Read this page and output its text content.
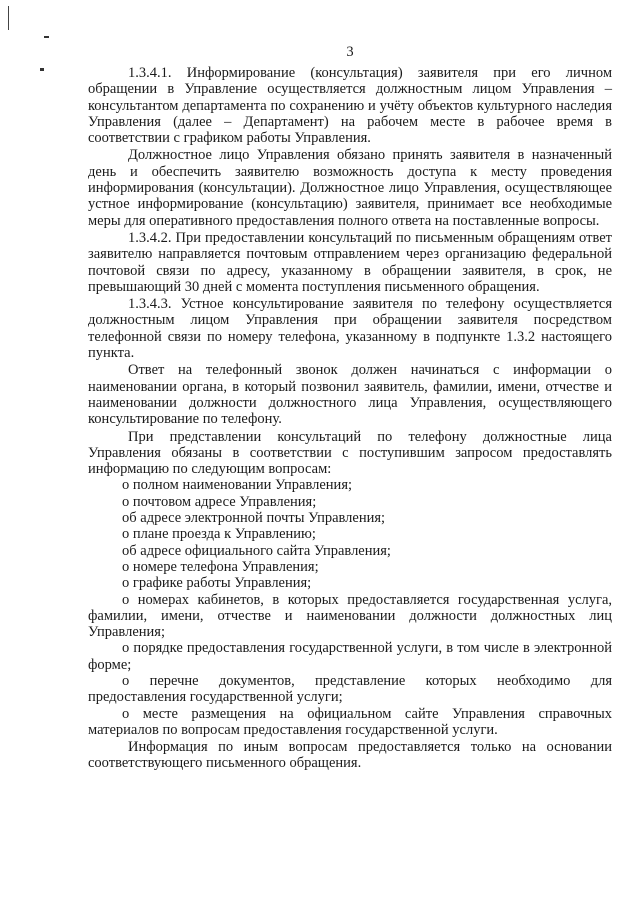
3

1.3.4.1. Информирование (консультация) заявителя при его личном обращении в Управление осуществляется должностным лицом Управления – консультантом департамента по сохранению и учёту объектов культурного наследия Управления (далее – Департамент) на рабочем месте в рабочее время в соответствии с графиком работы Управления.

Должностное лицо Управления обязано принять заявителя в назначенный день и обеспечить заявителю возможность доступа к месту проведения информирования (консультации). Должностное лицо Управления, осуществляющее устное информирование (консультацию) заявителя, принимает все необходимые меры для оперативного предоставления полного ответа на поставленные вопросы.

1.3.4.2. При предоставлении консультаций по письменным обращениям ответ заявителю направляется почтовым отправлением через организацию федеральной почтовой связи по адресу, указанному в обращении заявителя, в срок, не превышающий 30 дней с момента поступления письменного обращения.

1.3.4.3. Устное консультирование заявителя по телефону осуществляется должностным лицом Управления при обращении заявителя посредством телефонной связи по номеру телефона, указанному в подпункте 1.3.2 настоящего пункта.

Ответ на телефонный звонок должен начинаться с информации о наименовании органа, в который позвонил заявитель, фамилии, имени, отчестве и наименовании должности должностного лица Управления, осуществляющего консультирование по телефону.

При представлении консультаций по телефону должностные лица Управления обязаны в соответствии с поступившим запросом предоставлять информацию по следующим вопросам:

о полном наименовании Управления;

о почтовом адресе Управления;

об адресе электронной почты Управления;

о плане проезда к Управлению;

об адресе официального сайта Управления;

о номере телефона Управления;

о графике работы Управления;

о номерах кабинетов, в которых предоставляется государственная услуга, фамилии, имени, отчестве и наименовании должности должностных лиц Управления;

о порядке предоставления государственной услуги, в том числе в электронной форме;

о перечне документов, представление которых необходимо для предоставления государственной услуги;

о месте размещения на официальном сайте Управления справочных материалов по вопросам предоставления государственной услуги.

Информация по иным вопросам предоставляется только на основании соответствующего письменного обращения.
